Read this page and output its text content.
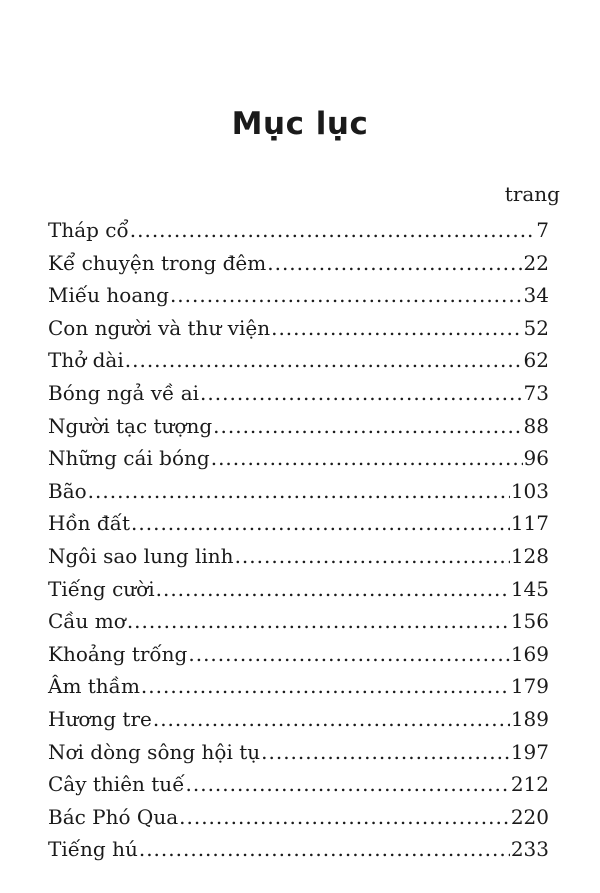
Mục lục
trang
Tháp cổ .....	7
Kể chuyện trong đêm .....	22
Miếu hoang .....	34
Con người và thư viện .....	52
Thở dài .....	62
Bóng ngả về ai .....	73
Người tạc tượng .....	88
Những cái bóng .....	96
Bão .....	103
Hồn đất .....	117
Ngôi sao lung linh .....	128
Tiếng cười .....	145
Cầu mơ .....	156
Khoảng trống .....	169
Âm thầm .....	179
Hương tre .....	189
Nơi dòng sông hội tụ .....	197
Cây thiên tuế .....	212
Bác Phó Qua .....	220
Tiếng hú .....	233
